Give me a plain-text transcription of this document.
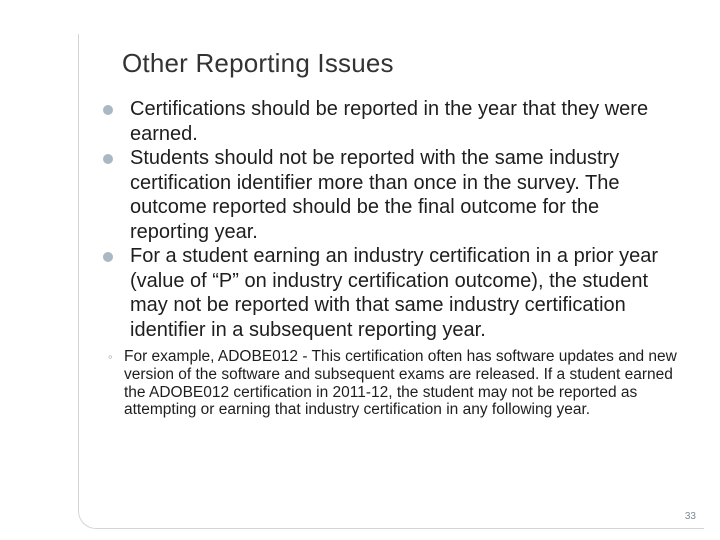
Other Reporting Issues
Certifications should be reported in the year that they were earned.
Students should not be reported with the same industry certification identifier more than once in the survey. The outcome reported should be the final outcome for the reporting year.
For a student earning an industry certification in a prior year (value of “P” on industry certification outcome), the student may not be reported with that same industry certification identifier in a subsequent reporting year.
◦ For example, ADOBE012 - This certification often has software updates and new version of the software and subsequent exams are released. If a student earned the ADOBE012 certification in 2011-12, the student may not be reported as attempting or earning that industry certification in any following year.
33
